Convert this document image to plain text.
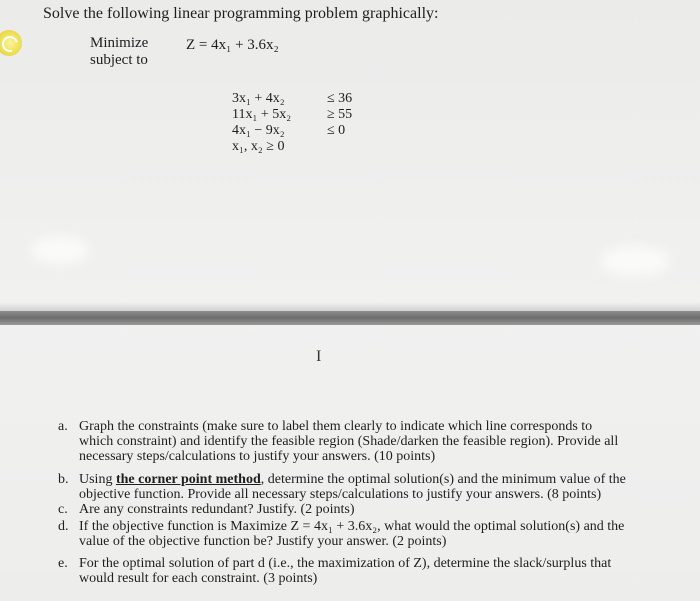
Solve the following linear programming problem graphically:
Minimize
subject to
Z = 4x₁ + 3.6x₂
3x₁ + 4x₂
11x₁ + 5x₂
4x₁ − 9x₂
x₁, x₂ ≥ 0
≤ 36
≥ 55
≤ 0
I
a. Graph the constraints (make sure to label them clearly to indicate which line corresponds to
which constraint) and identify the feasible region (Shade/darken the feasible region). Provide all
necessary steps/calculations to justify your answers. (10 points)
b. Using the corner point method, determine the optimal solution(s) and the minimum value of the
objective function. Provide all necessary steps/calculations to justify your answers. (8 points)
c. Are any constraints redundant? Justify. (2 points)
d. If the objective function is Maximize Z = 4x₁ + 3.6x₂, what would the optimal solution(s) and the
value of the objective function be? Justify your answer. (2 points)
e. For the optimal solution of part d (i.e., the maximization of Z), determine the slack/surplus that
would result for each constraint. (3 points)
